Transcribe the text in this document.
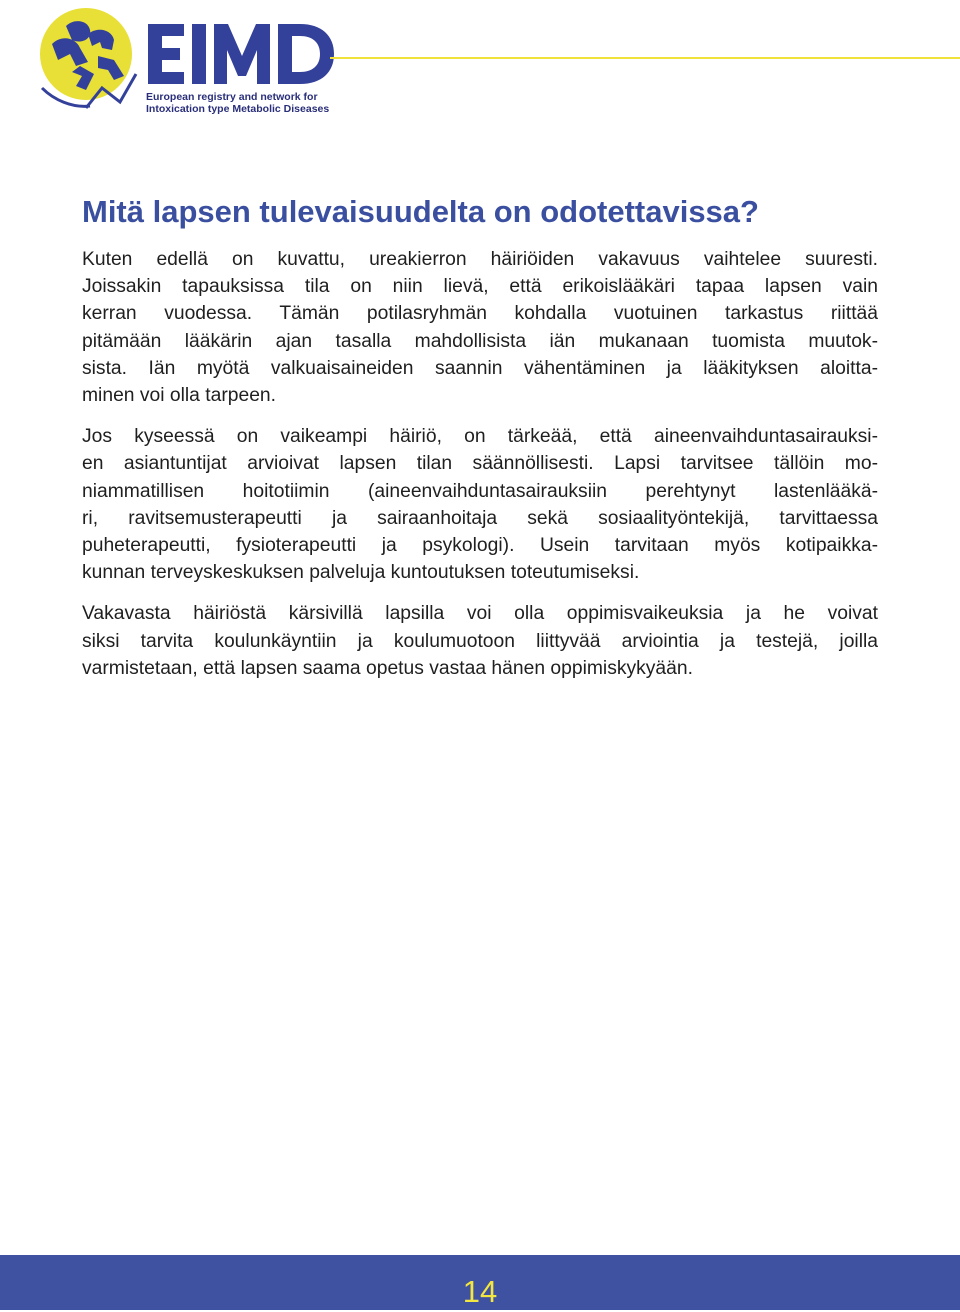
European registry and network for
Intoxication type Metabolic Diseases
Mitä lapsen tulevaisuudelta on odotettavissa?
Kuten edellä on kuvattu, ureakierron häiriöiden vakavuus vaihtelee suuresti.
Joissakin tapauksissa tila on niin lievä, että erikoislääkäri tapaa lapsen vain
kerran vuodessa. Tämän potilasryhmän kohdalla vuotuinen tarkastus riittää
pitämään lääkärin ajan tasalla mahdollisista iän mukanaan tuomista muutok-
sista. Iän myötä valkuaisaineiden saannin vähentäminen ja lääkityksen aloitta-
minen voi olla tarpeen.
Jos kyseessä on vaikeampi häiriö, on tärkeää, että aineenvaihduntasairauksi-
en asiantuntijat arvioivat lapsen tilan säännöllisesti. Lapsi tarvitsee tällöin mo-
niammatillisen hoitotiimin (aineenvaihduntasairauksiin perehtynyt lastenlääkä-
ri, ravitsemusterapeutti ja sairaanhoitaja sekä sosiaalityöntekijä, tarvittaessa
puheterapeutti, fysioterapeutti ja psykologi). Usein tarvitaan myös kotipaikka-
kunnan terveyskeskuksen palveluja kuntoutuksen toteutumiseksi.
Vakavasta häiriöstä kärsivillä lapsilla voi olla oppimisvaikeuksia ja he voivat
siksi tarvita koulunkäyntiin ja koulumuotoon liittyvää arviointia ja testejä, joilla
varmistetaan, että lapsen saama opetus vastaa hänen oppimiskykyään.
14
